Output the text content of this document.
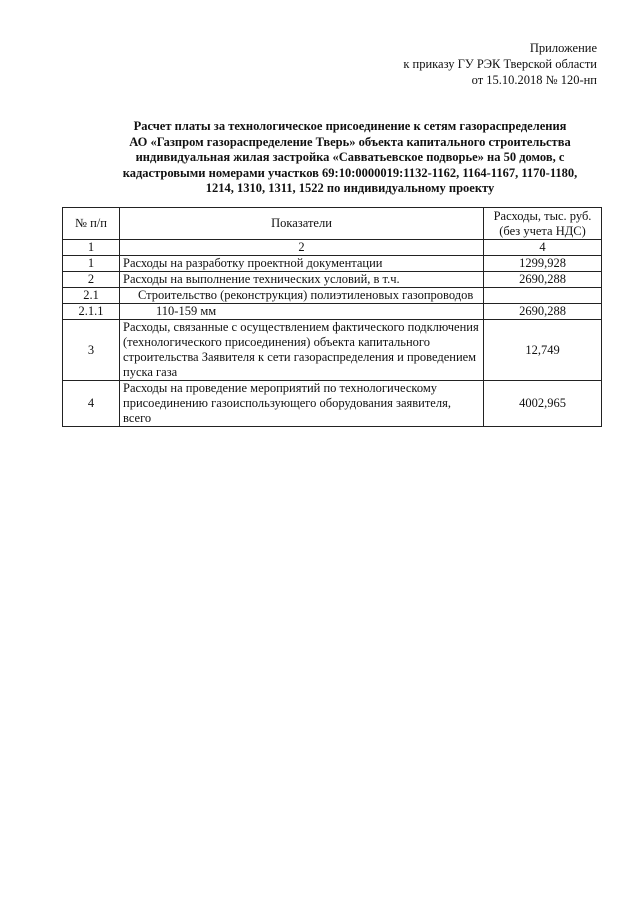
Приложение
к приказу ГУ РЭК Тверской области
от 15.10.2018 № 120-нп
Расчет платы за технологическое присоединение к сетям газораспределения
АО «Газпром газораспределение Тверь» объекта капитального строительства
индивидуальная жилая застройка «Савватьевское подворье» на 50 домов, с
кадастровыми номерами участков 69:10:0000019:1132-1162, 1164-1167, 1170-1180,
1214, 1310, 1311, 1522 по индивидуальному проекту
№ п/п	Показатели	Расходы, тыс. руб. (без учета НДС)
1	2	4
1	Расходы на разработку проектной документации	1299,928
2	Расходы на выполнение технических условий, в т.ч.	2690,288
2.1	Строительство (реконструкция) полиэтиленовых газопроводов	
2.1.1	110-159 мм	2690,288
3	Расходы, связанные с осуществлением фактического подключения (технологического присоединения) объекта капитального строительства Заявителя к сети газораспределения и проведением пуска газа	12,749
4	Расходы на проведение мероприятий по технологическому присоединению газоиспользующего оборудования заявителя, всего	4002,965
